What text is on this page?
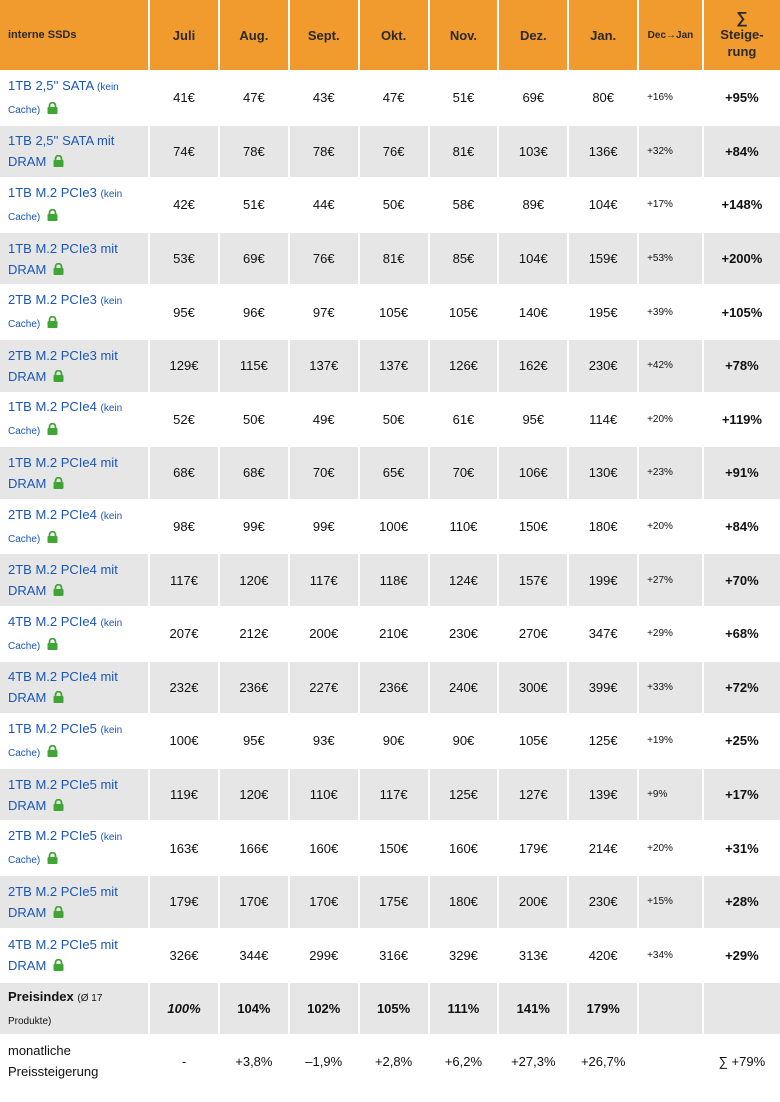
interne SSDs	Juli	Aug.	Sept.	Okt.	Nov.	Dez.	Jan.	Dec→Jan	∑
Steige-
rung
1TB 2,5'' SATA (kein Cache)	41€	47€	43€	47€	51€	69€	80€	+16%	+95%
1TB 2,5'' SATA mit DRAM	74€	78€	78€	76€	81€	103€	136€	+32%	+84%
1TB M.2 PCIe3 (kein Cache)	42€	51€	44€	50€	58€	89€	104€	+17%	+148%
1TB M.2 PCIe3 mit DRAM	53€	69€	76€	81€	85€	104€	159€	+53%	+200%
2TB M.2 PCIe3 (kein Cache)	95€	96€	97€	105€	105€	140€	195€	+39%	+105%
2TB M.2 PCIe3 mit DRAM	129€	115€	137€	137€	126€	162€	230€	+42%	+78%
1TB M.2 PCIe4 (kein Cache)	52€	50€	49€	50€	61€	95€	114€	+20%	+119%
1TB M.2 PCIe4 mit DRAM	68€	68€	70€	65€	70€	106€	130€	+23%	+91%
2TB M.2 PCIe4 (kein Cache)	98€	99€	99€	100€	110€	150€	180€	+20%	+84%
2TB M.2 PCIe4 mit DRAM	117€	120€	117€	118€	124€	157€	199€	+27%	+70%
4TB M.2 PCIe4 (kein Cache)	207€	212€	200€	210€	230€	270€	347€	+29%	+68%
4TB M.2 PCIe4 mit DRAM	232€	236€	227€	236€	240€	300€	399€	+33%	+72%
1TB M.2 PCIe5 (kein Cache)	100€	95€	93€	90€	90€	105€	125€	+19%	+25%
1TB M.2 PCIe5 mit DRAM	119€	120€	110€	117€	125€	127€	139€	+9%	+17%
2TB M.2 PCIe5 (kein Cache)	163€	166€	160€	150€	160€	179€	214€	+20%	+31%
2TB M.2 PCIe5 mit DRAM	179€	170€	170€	175€	180€	200€	230€	+15%	+28%
4TB M.2 PCIe5 mit DRAM	326€	344€	299€	316€	329€	313€	420€	+34%	+29%
Preisindex (Ø 17 Produkte)	100%	104%	102%	105%	111%	141%	179%		
monatliche Preissteigerung	-	+3,8%	–1,9%	+2,8%	+6,2%	+27,3%	+26,7%		∑ +79%
